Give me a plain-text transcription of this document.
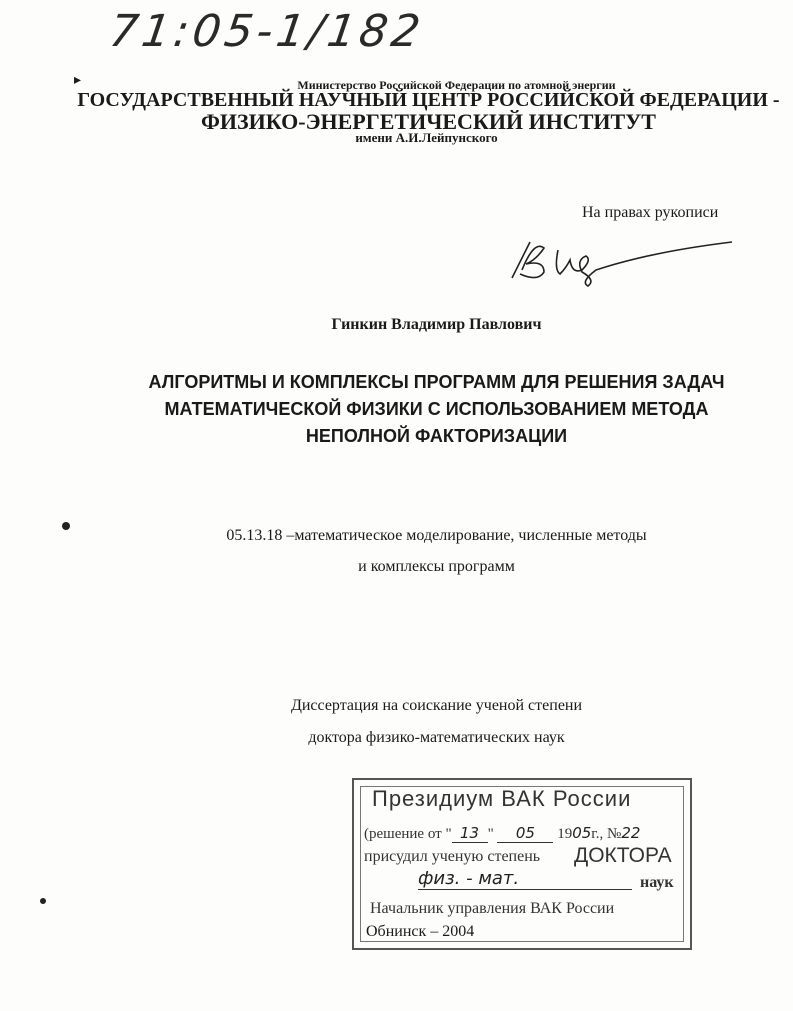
71:05-1/182
Министерство Российской Федерации по атомной энергии
ГОСУДАРСТВЕННЫЙ НАУЧНЫЙ ЦЕНТР РОССИЙСКОЙ ФЕДЕРАЦИИ -
ФИЗИКО-ЭНЕРГЕТИЧЕСКИЙ ИНСТИТУТ
имени А.И.Лейпунского
На правах рукописи
Гинкин Владимир Павлович
АЛГОРИТМЫ И КОМПЛЕКСЫ ПРОГРАММ ДЛЯ РЕШЕНИЯ ЗАДАЧ
МАТЕМАТИЧЕСКОЙ ФИЗИКИ С ИСПОЛЬЗОВАНИЕМ МЕТОДА
НЕПОЛНОЙ ФАКТОРИЗАЦИИ
05.13.18 –математическое моделирование, численные методы
и комплексы программ
Диссертация на соискание ученой степени
доктора физико-математических наук
▸
Президиум ВАК России
(решение от " 13 " 05 1905г., №22
присудил ученую степень ДОКТОРА
физ. - мат.	наук
Начальник управления ВАК России
Обнинск – 2004
